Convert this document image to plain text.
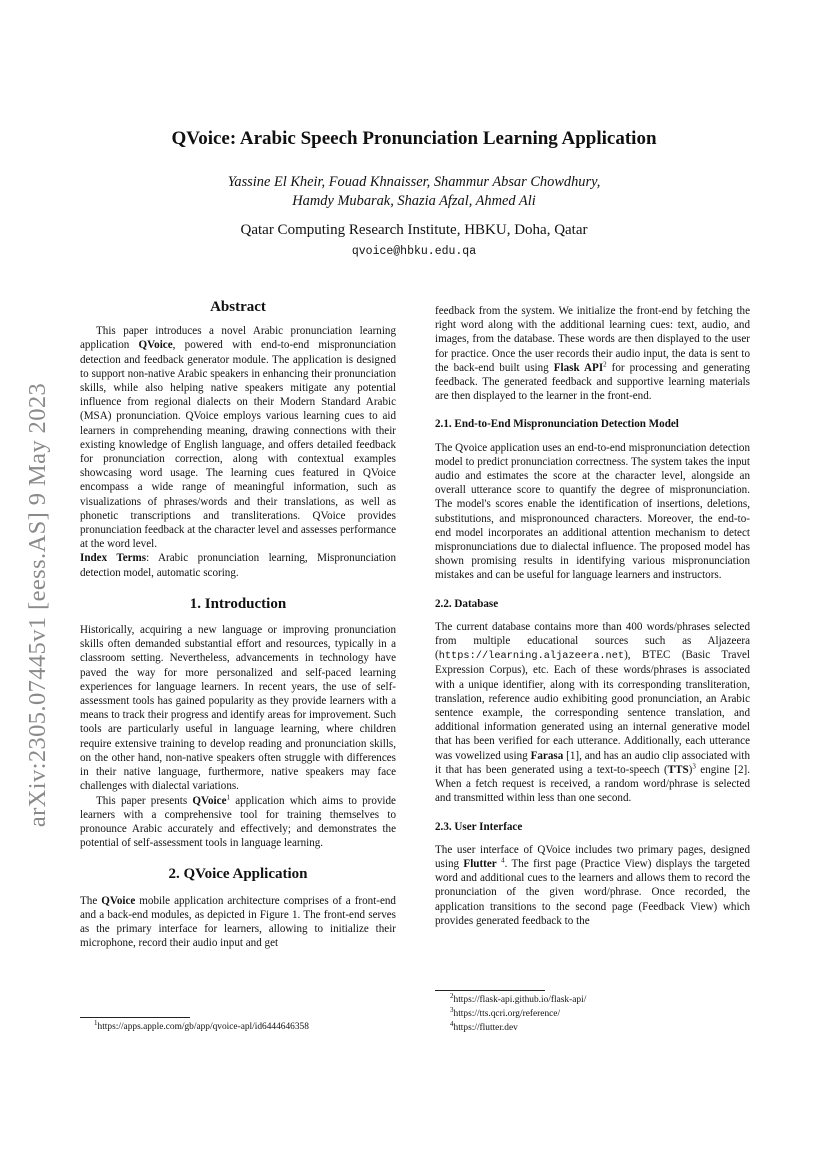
arXiv:2305.07445v1 [eess.AS] 9 May 2023
QVoice: Arabic Speech Pronunciation Learning Application
Yassine El Kheir, Fouad Khnaisser, Shammur Absar Chowdhury,
Hamdy Mubarak, Shazia Afzal, Ahmed Ali
Qatar Computing Research Institute, HBKU, Doha, Qatar
qvoice@hbku.edu.qa
Abstract

This paper introduces a novel Arabic pronunciation learning application QVoice, powered with end-to-end mispronunciation detection and feedback generator module. The application is designed to support non-native Arabic speakers in enhancing their pronunciation skills, while also helping native speakers mitigate any potential influence from regional dialects on their Modern Standard Arabic (MSA) pronunciation. QVoice employs various learning cues to aid learners in comprehending meaning, drawing connections with their existing knowledge of English language, and offers detailed feedback for pronunciation correction, along with contextual examples showcasing word usage. The learning cues featured in QVoice encompass a wide range of meaningful information, such as visualizations of phrases/words and their translations, as well as phonetic transcriptions and transliterations. QVoice provides pronunciation feedback at the character level and assesses performance at the word level.

Index Terms: Arabic pronunciation learning, Mispronunciation detection model, automatic scoring.

1. Introduction

Historically, acquiring a new language or improving pronunciation skills often demanded substantial effort and resources, typically in a classroom setting. Nevertheless, advancements in technology have paved the way for more personalized and self-paced learning experiences for language learners. In recent years, the use of self-assessment tools has gained popularity as they provide learners with a means to track their progress and identify areas for improvement. Such tools are particularly useful in language learning, where children require extensive training to develop reading and pronunciation skills, on the other hand, non-native speakers often struggle with differences in their native language, furthermore, native speakers may face challenges with dialectal variations.

This paper presents QVoice$^1$ application which aims to provide learners with a comprehensive tool for training themselves to pronounce Arabic accurately and effectively; and demonstrates the potential of self-assessment tools in language learning.

2. QVoice Application

The QVoice mobile application architecture comprises of a front-end and a back-end modules, as depicted in Figure 1. The front-end serves as the primary interface for learners, allowing to initialize their microphone, record their audio input and get

$^1$https://apps.apple.com/gb/app/qvoice-apl/id6444646358

feedback from the system. We initialize the front-end by fetching the right word along with the additional learning cues: text, audio, and images, from the database. These words are then displayed to the user for practice. Once the user records their audio input, the data is sent to the back-end built using Flask API$^2$ for processing and generating feedback. The generated feedback and supportive learning materials are then displayed to the learner in the front-end.

2.1. End-to-End Mispronunciation Detection Model

The Qvoice application uses an end-to-end mispronunciation detection model to predict pronunciation correctness. The system takes the input audio and estimates the score at the character level, alongside an overall utterance score to quantify the degree of mispronunciation. The model's scores enable the identification of insertions, deletions, substitutions, and mispronounced characters. Moreover, the end-to-end model incorporates an additional attention mechanism to detect mispronunciations due to dialectal influence. The proposed model has shown promising results in identifying various mispronunciation mistakes and can be useful for language learners and instructors.

2.2. Database

The current database contains more than 400 words/phrases selected from multiple educational sources such as Aljazeera (https://learning.aljazeera.net), BTEC (Basic Travel Expression Corpus), etc. Each of these words/phrases is associated with a unique identifier, along with its corresponding transliteration, translation, reference audio exhibiting good pronunciation, an Arabic sentence example, the corresponding sentence translation, and additional information generated using an internal generative model that has been verified for each utterance. Additionally, each utterance was vowelized using Farasa [1], and has an audio clip associated with it that has been generated using a text-to-speech (TTS)$^3$ engine [2]. When a fetch request is received, a random word/phrase is selected and transmitted within less than one second.

2.3. User Interface

The user interface of QVoice includes two primary pages, designed using Flutter $^4$. The first page (Practice View) displays the targeted word and additional cues to the learners and allows them to record the pronunciation of the given word/phrase. Once recorded, the application transitions to the second page (Feedback View) which provides generated feedback to the

$^2$https://flask-api.github.io/flask-api/
$^3$https://tts.qcri.org/reference/
$^4$https://flutter.dev
